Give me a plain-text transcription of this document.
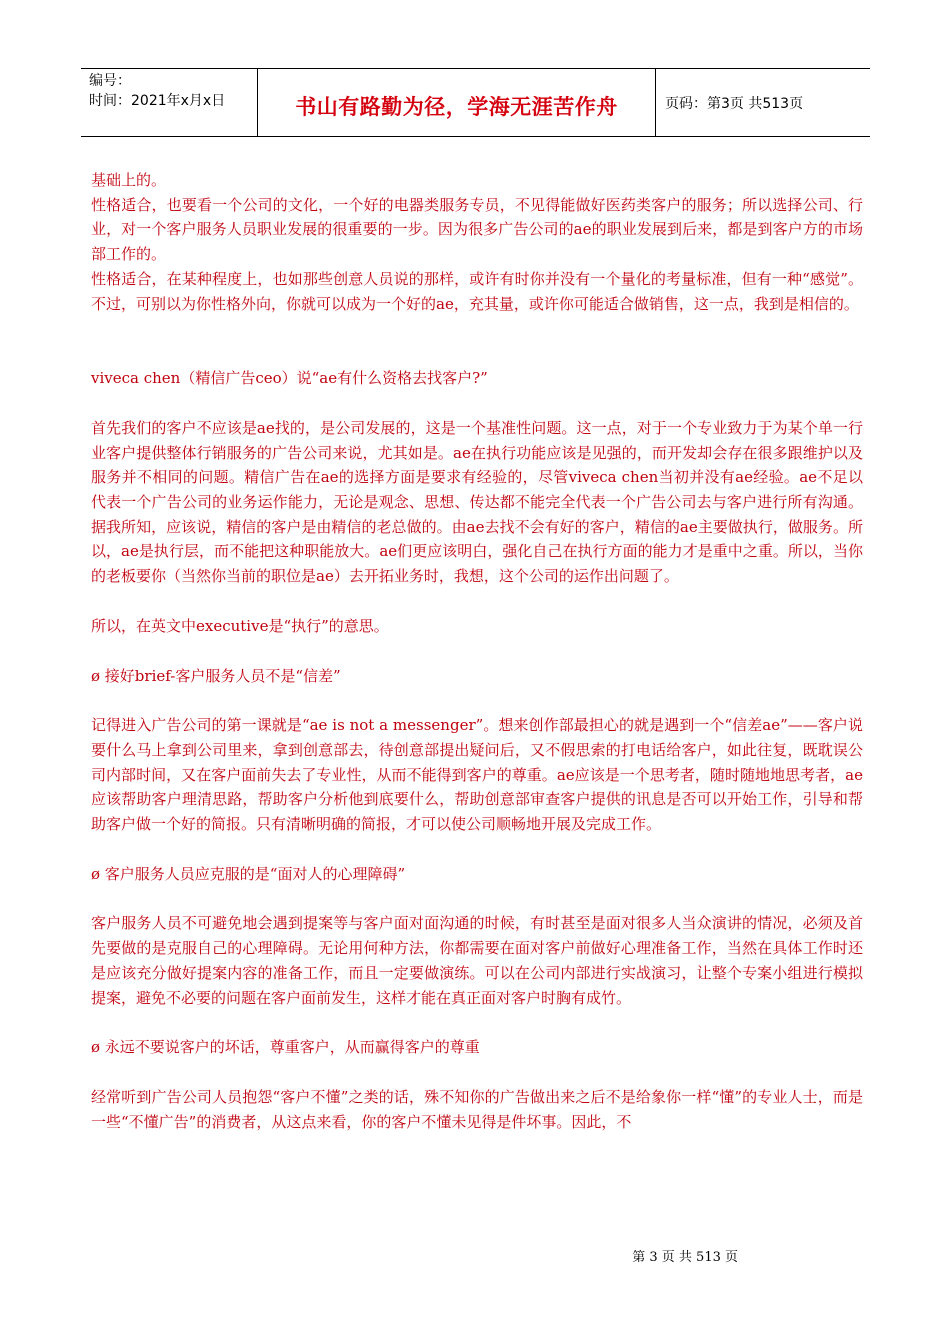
编号：
时间：2021年x月x日	书山有路勤为径，学海无涯苦作舟	页码：第3页 共513页

基础上的。

性格适合，也要看一个公司的文化，一个好的电器类服务专员，不见得能做好医药类客户的服务；所以选择公司、行业，对一个客户服务人员职业发展的很重要的一步。因为很多广告公司的ae的职业发展到后来，都是到客户方的市场部工作的。

性格适合，在某种程度上，也如那些创意人员说的那样，或许有时你并没有一个量化的考量标准，但有一种“感觉”。不过，可别以为你性格外向，你就可以成为一个好的ae，充其量，或许你可能适合做销售，这一点，我到是相信的。

viveca chen（精信广告ceo）说“ae有什么资格去找客户?”

首先我们的客户不应该是ae找的，是公司发展的，这是一个基准性问题。这一点，对于一个专业致力于为某个单一行业客户提供整体行销服务的广告公司来说，尤其如是。ae在执行功能应该是见强的，而开发却会存在很多跟维护以及服务并不相同的问题。精信广告在ae的选择方面是要求有经验的，尽管viveca chen当初并没有ae经验。ae不足以代表一个广告公司的业务运作能力，无论是观念、思想、传达都不能完全代表一个广告公司去与客户进行所有沟通。据我所知，应该说，精信的客户是由精信的老总做的。由ae去找不会有好的客户，精信的ae主要做执行，做服务。所以，ae是执行层，而不能把这种职能放大。ae们更应该明白，强化自己在执行方面的能力才是重中之重。所以，当你的老板要你（当然你当前的职位是ae）去开拓业务时，我想，这个公司的运作出问题了。

所以，在英文中executive是“执行”的意思。

ø 接好brief-客户服务人员不是“信差”

记得进入广告公司的第一课就是“ae is not a messenger”。想来创作部最担心的就是遇到一个“信差ae”——客户说要什么马上拿到公司里来，拿到创意部去，待创意部提出疑问后，又不假思索的打电话给客户，如此往复，既耽误公司内部时间，又在客户面前失去了专业性，从而不能得到客户的尊重。ae应该是一个思考者，随时随地地思考者，ae应该帮助客户理清思路，帮助客户分析他到底要什么，帮助创意部审查客户提供的讯息是否可以开始工作，引导和帮助客户做一个好的简报。只有清晰明确的简报，才可以使公司顺畅地开展及完成工作。

ø 客户服务人员应克服的是“面对人的心理障碍”

客户服务人员不可避免地会遇到提案等与客户面对面沟通的时候，有时甚至是面对很多人当众演讲的情况，必须及首先要做的是克服自己的心理障碍。无论用何种方法，你都需要在面对客户前做好心理准备工作，当然在具体工作时还是应该充分做好提案内容的准备工作，而且一定要做演练。可以在公司内部进行实战演习，让整个专案小组进行模拟提案，避免不必要的问题在客户面前发生，这样才能在真正面对客户时胸有成竹。

ø 永远不要说客户的坏话，尊重客户，从而赢得客户的尊重

经常听到广告公司人员抱怨“客户不懂”之类的话，殊不知你的广告做出来之后不是给象你一样“懂”的专业人士，而是一些“不懂广告”的消费者，从这点来看，你的客户不懂未见得是件坏事。因此，不

第 3 页 共 513 页
